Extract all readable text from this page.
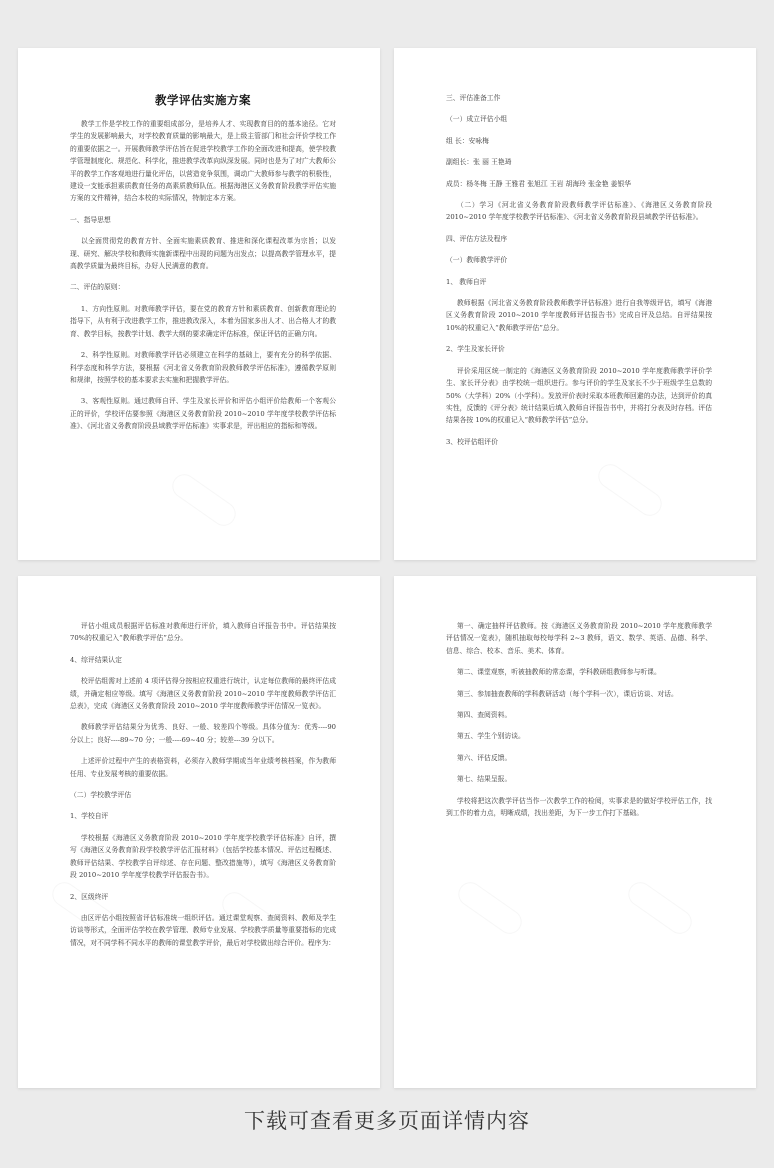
教学评估实施方案

教学工作是学校工作的重要组成部分，是培养人才、实现教育目的的基本途径。它对学生的发展影响最大，对学校教育质量的影响最大，是上级主管部门和社会评价学校工作的重要依据之一。开展教师教学评估旨在促进学校教学工作的全面改进和提高，使学校教学管理制度化、规范化、科学化，推进教学改革向纵深发展。同时也是为了对广大教师公平的教学工作客观地进行量化评估，以营造竞争氛围，调动广大教师参与教学的积极性，建设一支能承担素质教育任务的高素质教师队伍。根据海港区义务教育阶段教学评估实施方案的文件精神，结合本校的实际情况，特制定本方案。

一、指导思想

以全面贯彻党的教育方针、全面实施素质教育、推进和深化课程改革为宗旨；以发现、研究、解决学校和教师实施新课程中出现的问题为出发点；以提高教学管理水平，提高教学质量为最终目标，办好人民满意的教育。

二、评估的原则：

1、方向性原则。对教师教学评估，要在党的教育方针和素质教育、创新教育理论的指导下，从有利于改进教学工作，推进教改深入，本着为国家多出人才、出合格人才的教育、教学目标，按教学计划、教学大纲的要求确定评估标准，保证评估的正确方向。

2、科学性原则。对教师教学评估必须建立在科学的基础上，要有充分的科学依据、科学态度和科学方法，要根据《河北省义务教育阶段教师教学评估标准》，遵循教学原则和规律，按照学校的基本要求去实施和把握教学评估。

3、客观性原则。通过教师自评、学生及家长评价和评估小组评价给教师一个客观公正的评价，学校评估要参照《海港区义务教育阶段 2010~2010 学年度学校教学评估标准》、《河北省义务教育阶段县域教学评估标准》实事求是，评出相应的指标和等级。

三、评估准备工作

（一）成立评估小组

组 长：安咏梅

副组长：张 丽 王艳琦

成员：杨冬梅 王静 王雅君 张旭江 王岩 胡海玲 张金艳 姜银华

（二）学习《河北省义务教育阶段教师教学评估标准》、《海港区义务教育阶段 2010~2010 学年度学校教学评估标准》、《河北省义务教育阶段县域教学评估标准》。

四、评估方法及程序

（一）教师教学评价

1、 教师自评

教师根据《河北省义务教育阶段教师教学评估标准》进行自我等级评估，填写《海港区义务教育阶段 2010~2010 学年度教师评估报告书》完成自评及总结。自评结果按 10%的权重记入“教师教学评估”总分。

2、学生及家长评价

评价采用区统一制定的《海港区义务教育阶段 2010~2010 学年度教师教学评价学生、家长评分表》由学校统一组织进行。参与评价的学生及家长不少于班级学生总数的 50%（大学科）20%（小学科）。发放评价表时采取本班教师回避的办法，达到评价的真实性，反馈的《评分表》统计结果后填入教师自评报告书中，并将打分表及时存档。评估结果各按 10%的权重记入“教师教学评估”总分。

3、校评估组评价

评估小组成员根据评估标准对教师进行评价，填入教师自评报告书中。评估结果按 70%的权重记入“教师教学评估”总分。

4、综评结果认定

校评估组需对上述前 4 项评估得分按相应权重进行统计，认定每位教师的最终评估成绩，并确定相应等级。填写《海港区义务教育阶段 2010~2010 学年度教师教学评估汇总表》，完成《海港区义务教育阶段 2010~2010 学年度教师教学评估情况一览表》。

教师教学评估结果分为优秀、良好、一般、较差四个等级。具体分值为：优秀----90 分以上；良好----89~70 分；一般----69~40 分；较差---39 分以下。

上述评价过程中产生的表格资料，必须存入教师学期或当年业绩考核档案，作为教师任用、专业发展考核的重要依据。

（二）学校教学评估

1、学校自评

学校根据《海港区义务教育阶段 2010~2010 学年度学校教学评估标准》自评，撰写《海港区义务教育阶段学校教学评估汇报材料》（包括学校基本情况、评估过程概述、教师评估结果、学校教学自评综述、存在问题、整改措施等），填写《海港区义务教育阶段 2010~2010 学年度学校教学评估报告书》。

2、区级终评

由区评估小组按照省评估标准统一组织评估。通过课堂观察、查阅资料、教师及学生访谈等形式，全面评估学校在教学管理、教师专业发展、学校教学质量等重要指标的完成情况，对不同学科不同水平的教师的课堂教学评价，最后对学校做出综合评价。程序为：

第一、确定抽样评估教师。按《海港区义务教育阶段 2010~2010 学年度教师教学评估情况一览表》，随机抽取每校每学科 2~3 教师，语文、数学、英语、品德、科学、信息、综合、校本、音乐、美术、体育。

第二、课堂观察，听被抽教师的常态课，学科教研组教师参与听课。

第三、参加抽查教师的学科教研活动（每个学科一次），课后访谈、对话。

第四、查阅资料。

第五、学生个别访谈。

第六、评估反馈。

第七、结果呈报。

学校将把这次教学评估当作一次教学工作的检阅，实事求是的做好学校评估工作，找到工作的着力点，明晰成绩，找出差距，为下一步工作打下基础。

下载可查看更多页面详情内容
